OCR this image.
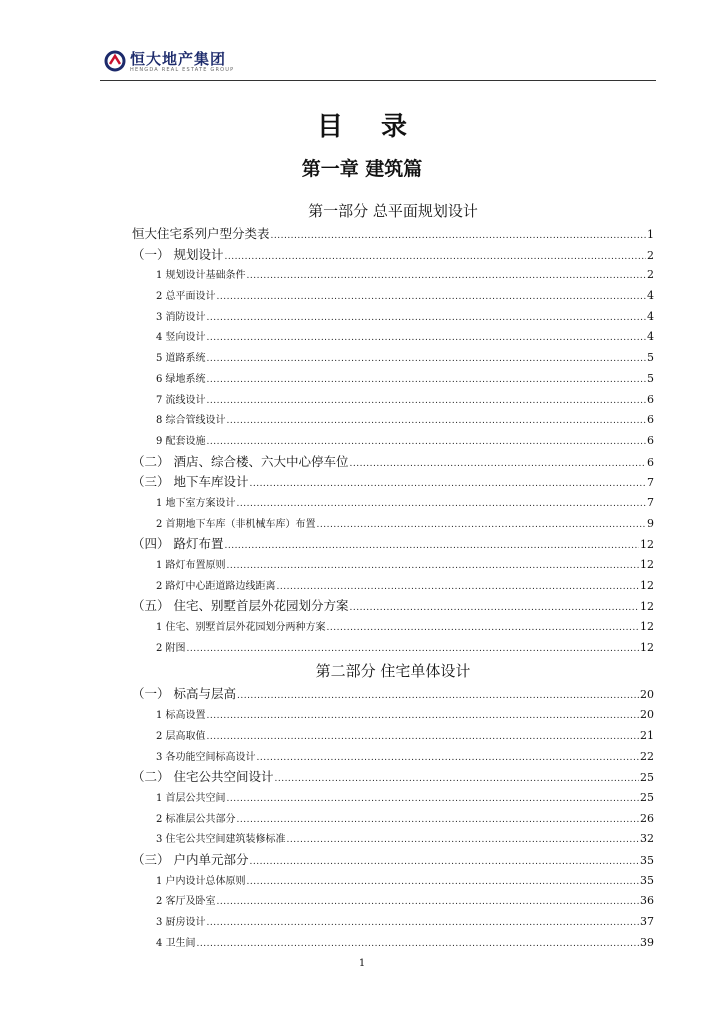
恒大地产集团
HENGDA REAL ESTATE GROUP
目录
第一章 建筑篇
第一部分 总平面规划设计
恒大住宅系列户型分类表 .....	1
（一） 规划设计 .....	2
1 规划设计基础条件 .....	2
2 总平面设计 .....	4
3 消防设计 .....	4
4 竖向设计 .....	4
5 道路系统 .....	5
6 绿地系统 .....	5
7 流线设计 .....	6
8 综合管线设计 .....	6
9 配套设施 .....	6
（二） 酒店、综合楼、六大中心停车位 .....	6
（三） 地下车库设计 .....	7
1 地下室方案设计 .....	7
2 首期地下车库（非机械车库）布置 .....	9
（四） 路灯布置 .....	12
1 路灯布置原则 .....	12
2 路灯中心距道路边线距离 .....	12
（五） 住宅、别墅首层外花园划分方案 .....	12
1 住宅、别墅首层外花园划分两种方案 .....	12
2 附图 .....	12
第二部分 住宅单体设计
（一） 标高与层高 .....	20
1 标高设置 .....	20
2 层高取值 .....	21
3 各功能空间标高设计 .....	22
（二） 住宅公共空间设计 .....	25
1 首层公共空间 .....	25
2 标准层公共部分 .....	26
3 住宅公共空间建筑装修标准 .....	32
（三） 户内单元部分 .....	35
1 户内设计总体原则 .....	35
2 客厅及卧室 .....	36
3 厨房设计 .....	37
4 卫生间 .....	39
1
